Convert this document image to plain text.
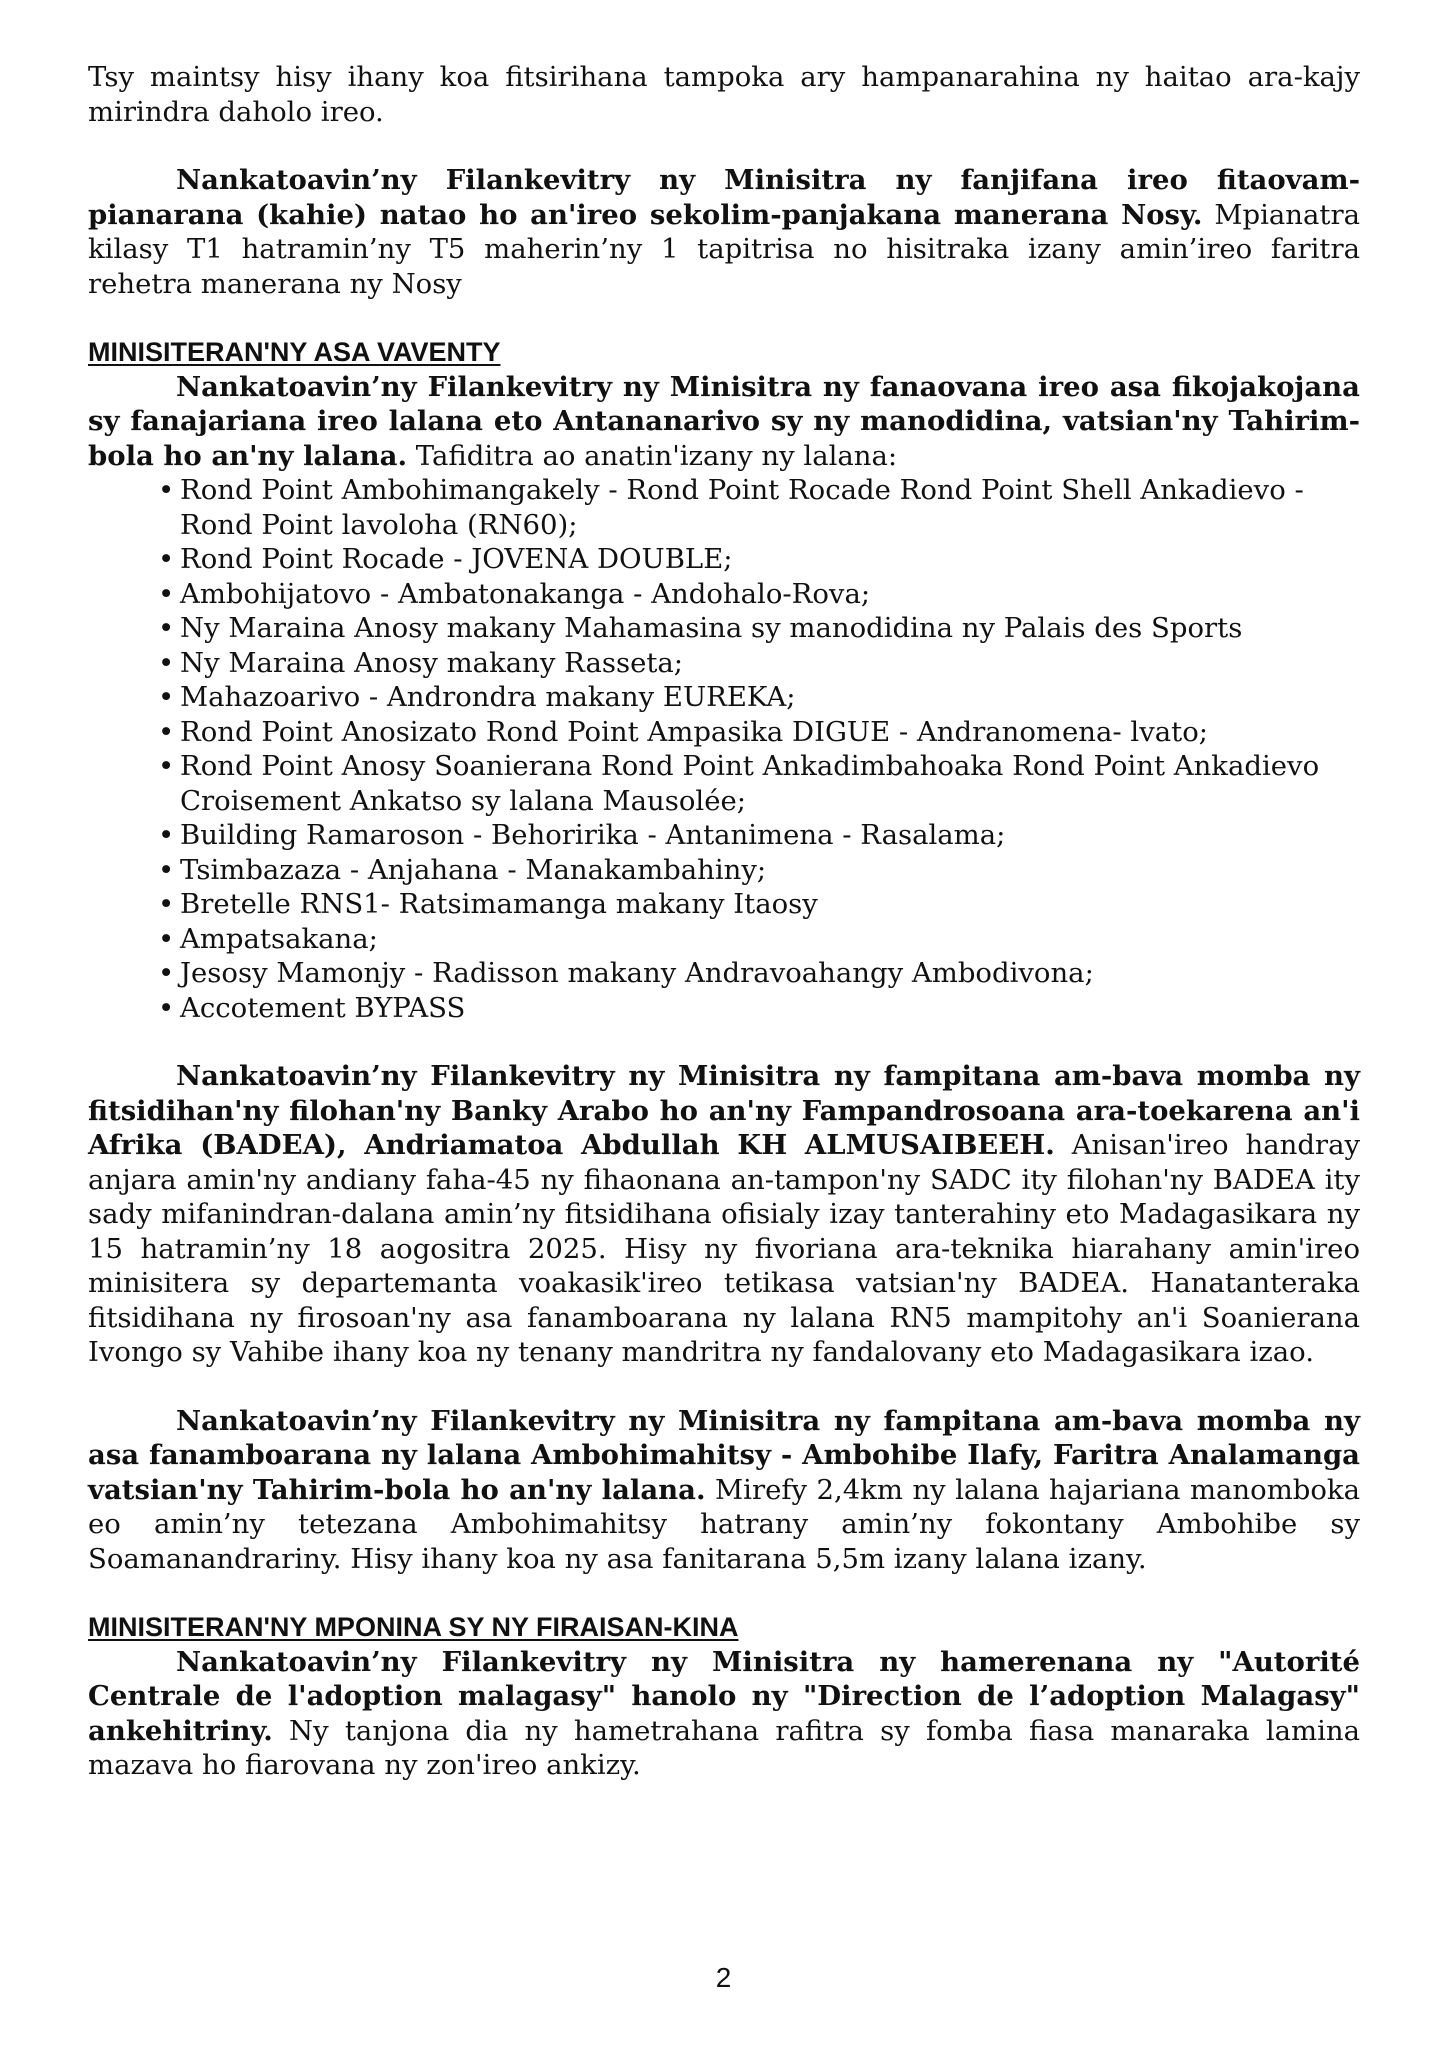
Tsy maintsy hisy ihany koa fitsirihana tampoka ary hampanarahina ny haitao ara-kajy mirindra daholo ireo.

Nankatoavin’ny Filankevitry ny Minisitra ny fanjifana ireo fitaovam-pianarana (kahie) natao ho an'ireo sekolim-panjakana manerana Nosy. Mpianatra kilasy T1 hatramin’ny T5 maherin’ny 1 tapitrisa no hisitraka izany amin’ireo faritra rehetra manerana ny Nosy

MINISITERAN'NY ASA VAVENTY

Nankatoavin’ny Filankevitry ny Minisitra ny fanaovana ireo asa fikojakojana sy fanajariana ireo lalana eto Antananarivo sy ny manodidina, vatsian'ny Tahirim-bola ho an'ny lalana. Tafiditra ao anatin'izany ny lalana:

• Rond Point Ambohimangakely - Rond Point Rocade Rond Point Shell Ankadievo - Rond Point lavoloha (RN60);
• Rond Point Rocade - JOVENA DOUBLE;
• Ambohijatovo - Ambatonakanga - Andohalo-Rova;
• Ny Maraina Anosy makany Mahamasina sy manodidina ny Palais des Sports
• Ny Maraina Anosy makany Rasseta;
• Mahazoarivo - Androndra makany EUREKA;
• Rond Point Anosizato Rond Point Ampasika DIGUE - Andranomena- lvato;
• Rond Point Anosy Soanierana Rond Point Ankadimbahoaka Rond Point Ankadievo Croisement Ankatso sy lalana Mausolée;
• Building Ramaroson - Behoririka - Antanimena - Rasalama;
• Tsimbazaza - Anjahana - Manakambahiny;
• Bretelle RNS1- Ratsimamanga makany Itaosy
• Ampatsakana;
• Jesosy Mamonjy - Radisson makany Andravoahangy Ambodivona;
• Accotement BYPASS

Nankatoavin’ny Filankevitry ny Minisitra ny fampitana am-bava momba ny fitsidihan'ny filohan'ny Banky Arabo ho an'ny Fampandrosoana ara-toekarena an'i Afrika (BADEA), Andriamatoa Abdullah KH ALMUSAIBEEH. Anisan'ireo handray anjara amin'ny andiany faha-45 ny fihaonana an-tampon'ny SADC ity filohan'ny BADEA ity sady mifanindran-dalana amin’ny fitsidihana ofisialy izay tanterahiny eto Madagasikara ny 15 hatramin’ny 18 aogositra 2025. Hisy ny fivoriana ara-teknika hiarahany amin'ireo minisitera sy departemanta voakasik'ireo tetikasa vatsian'ny BADEA. Hanatanteraka fitsidihana ny firosoan'ny asa fanamboarana ny lalana RN5 mampitohy an'i Soanierana Ivongo sy Vahibe ihany koa ny tenany mandritra ny fandalovany eto Madagasikara izao.

Nankatoavin’ny Filankevitry ny Minisitra ny fampitana am-bava momba ny asa fanamboarana ny lalana Ambohimahitsy - Ambohibe Ilafy, Faritra Analamanga vatsian'ny Tahirim-bola ho an'ny lalana. Mirefy 2,4km ny lalana hajariana manomboka eo amin’ny tetezana Ambohimahitsy hatrany amin’ny fokontany Ambohibe sy Soamanandrariny. Hisy ihany koa ny asa fanitarana 5,5m izany lalana izany.

MINISITERAN'NY MPONINA SY NY FIRAISAN-KINA

Nankatoavin’ny Filankevitry ny Minisitra ny hamerenana ny "Autorité Centrale de l'adoption malagasy" hanolo ny "Direction de l’adoption Malagasy" ankehitriny. Ny tanjona dia ny hametrahana rafitra sy fomba fiasa manaraka lamina mazava ho fiarovana ny zon'ireo ankizy.

2
